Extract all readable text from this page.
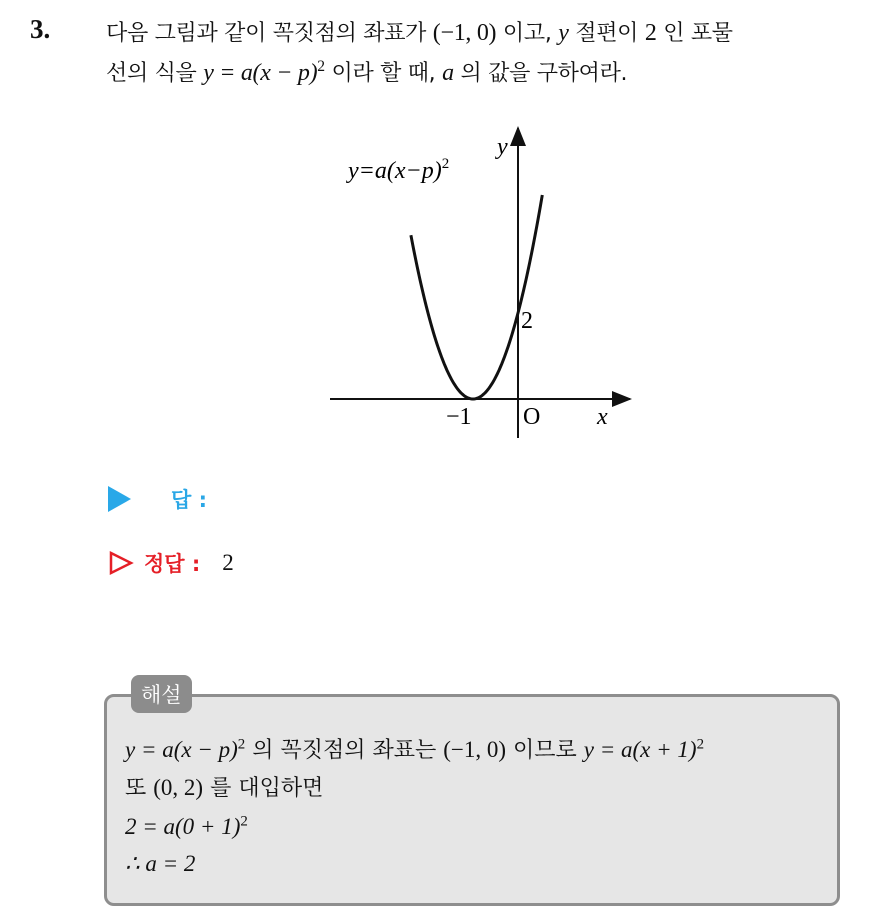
3.	다음 그림과 같이 꼭짓점의 좌표가 (−1, 0) 이고, y 절편이 2 인 포물
선의 식을 $y = a(x - p)^2$ 이라 할 때, a 의 값을 구하여라.
$y=a(x-p)^2$
y
x
O
−1
2
답 :
정답 : 2
해설
$y = a(x - p)^2$ 의 꼭짓점의 좌표는 (−1, 0) 이므로 $y = a(x + 1)^2$
또 (0, 2) 를 대입하면
$2 = a(0 + 1)^2$
∴ a = 2
